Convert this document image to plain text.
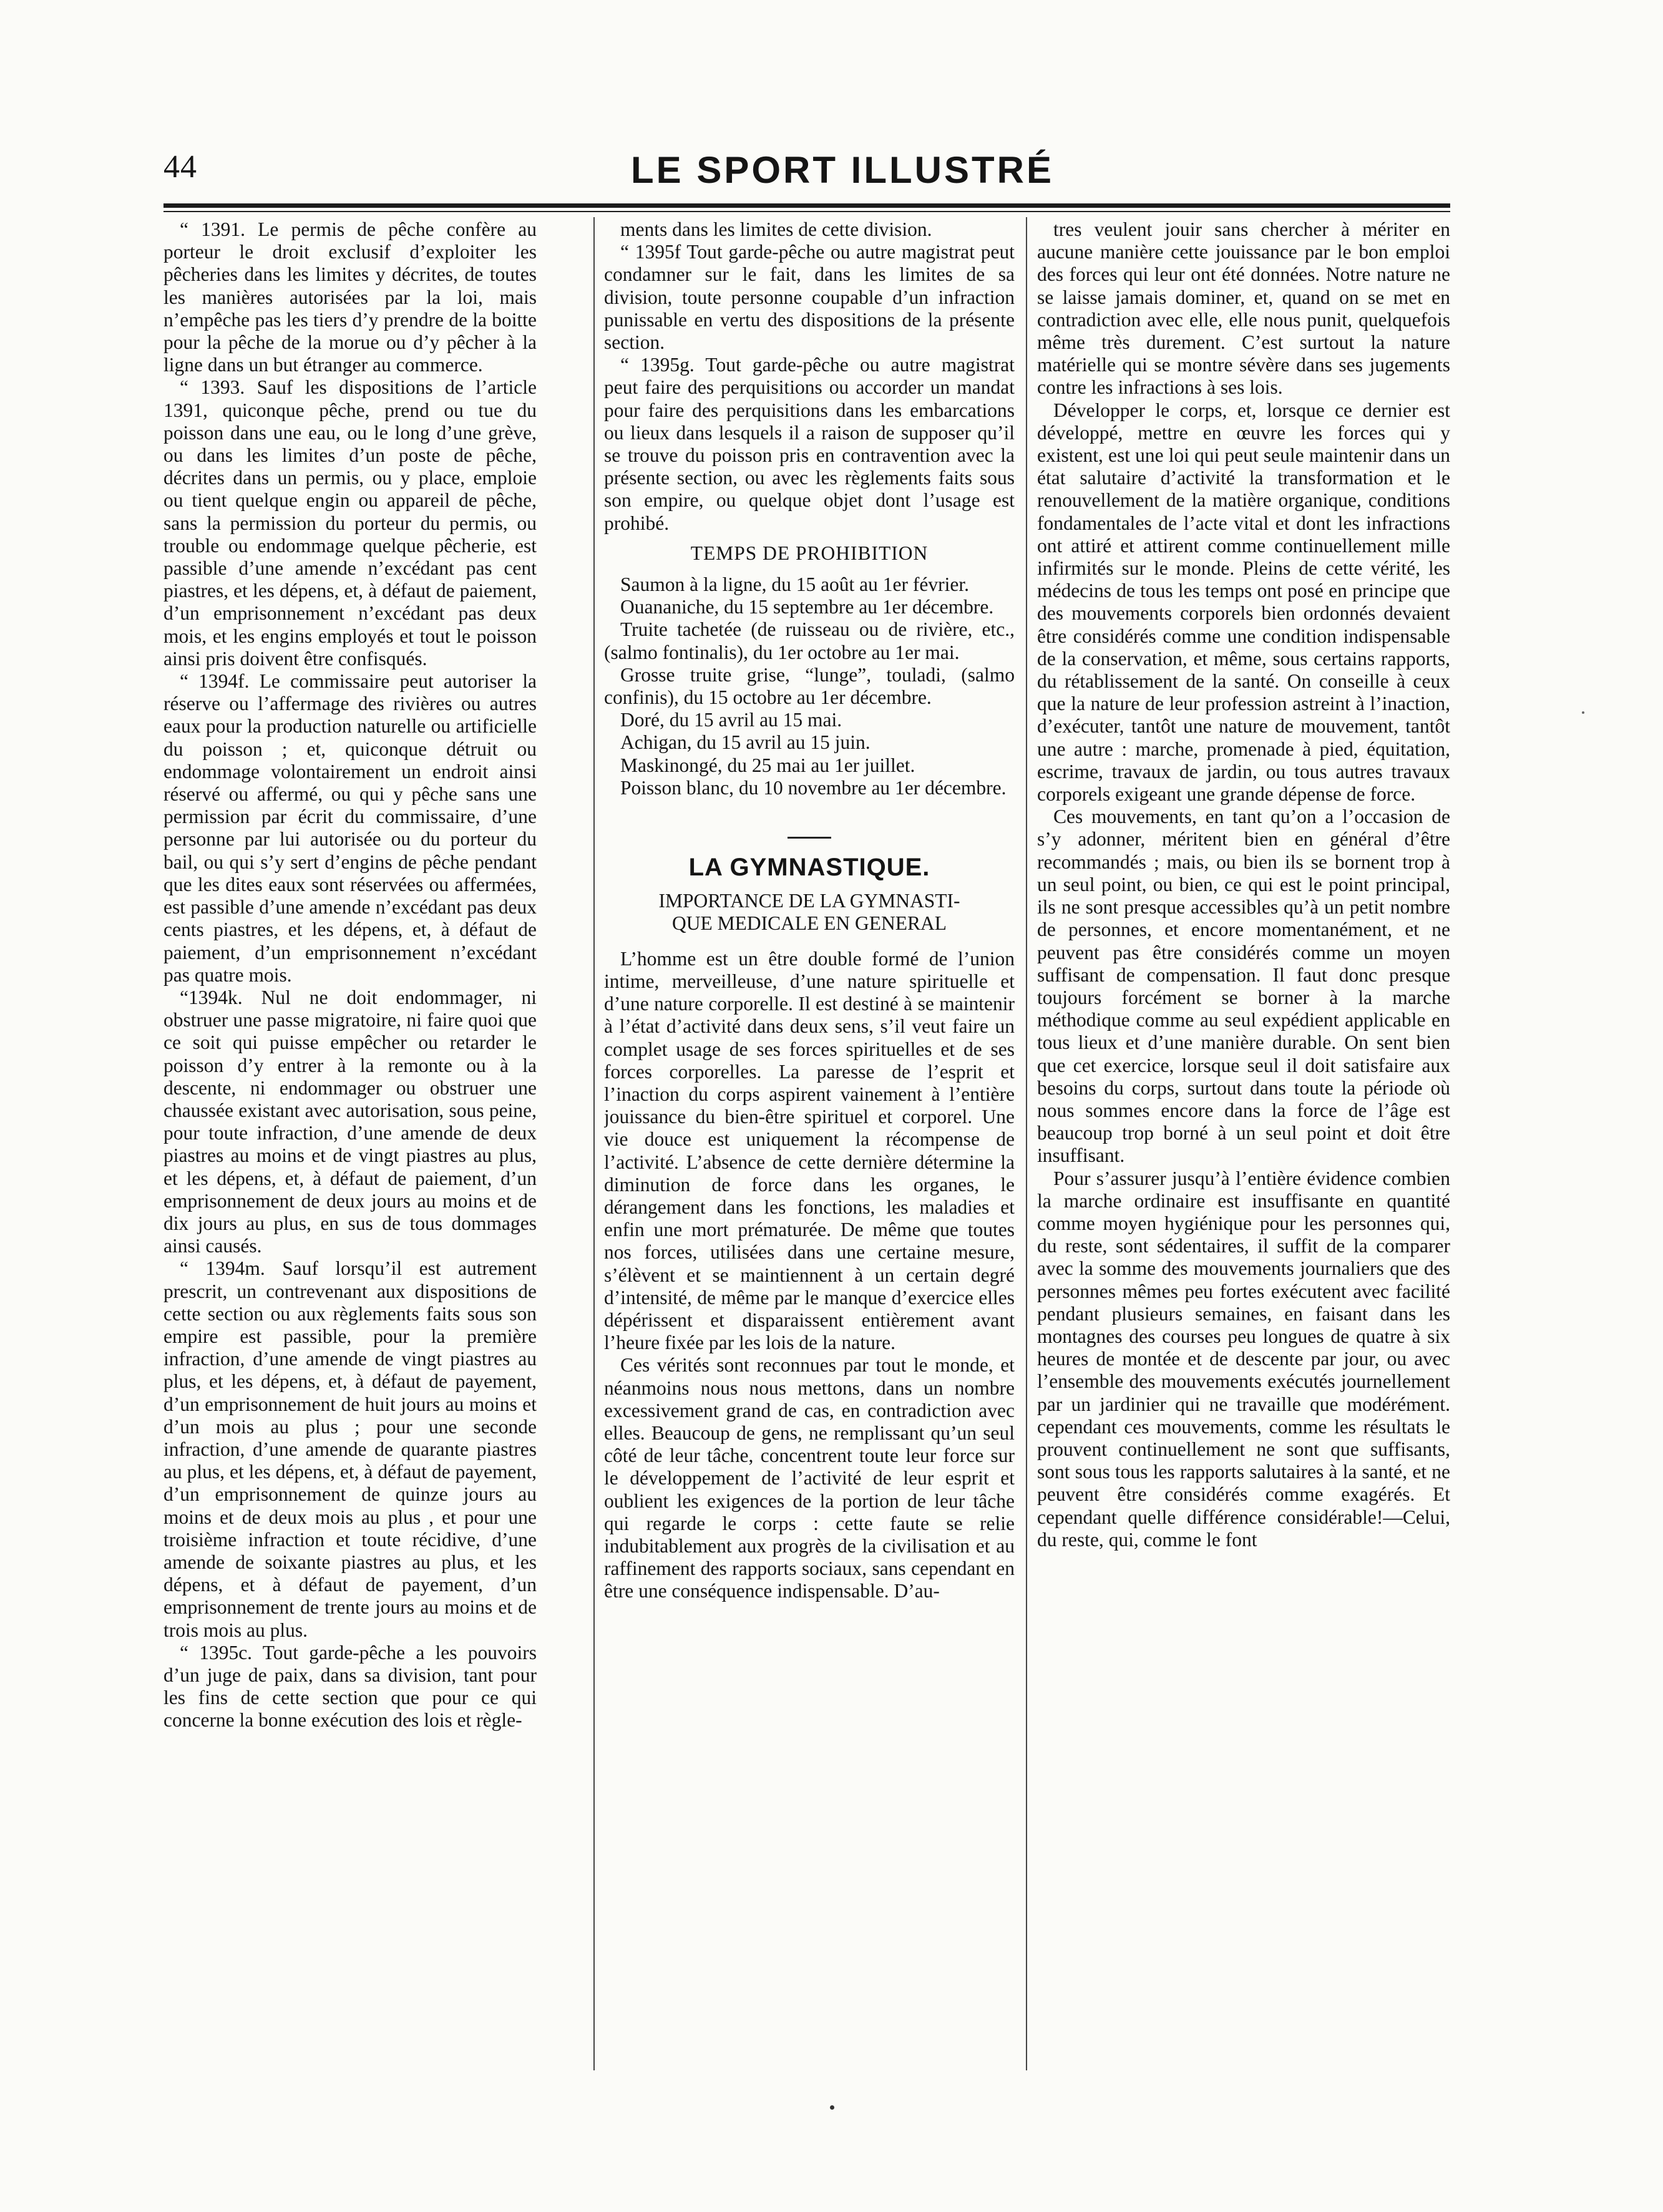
44	LE SPORT ILLUSTRÉ

“ 1391. Le permis de pêche confère au porteur le droit exclusif d’exploiter les pêcheries dans les limites y décrites, de toutes les manières autorisées par la loi, mais n’empêche pas les tiers d’y prendre de la boitte pour la pêche de la morue ou d’y pêcher à la ligne dans un but étranger au commerce.

“ 1393. Sauf les dispositions de l’article 1391, quiconque pêche, prend ou tue du poisson dans une eau, ou le long d’une grève, ou dans les limites d’un poste de pêche, décrites dans un permis, ou y place, emploie ou tient quelque engin ou appareil de pêche, sans la permission du porteur du permis, ou trouble ou endommage quelque pêcherie, est passible d’une amende n’excédant pas cent piastres, et les dépens, et, à défaut de paiement, d’un emprisonnement n’excédant pas deux mois, et les engins employés et tout le poisson ainsi pris doivent être confisqués.

“ 1394f. Le commissaire peut autoriser la réserve ou l’affermage des rivières ou autres eaux pour la production naturelle ou artificielle du poisson ; et, quiconque détruit ou endommage volontairement un endroit ainsi réservé ou affermé, ou qui y pêche sans une permission par écrit du commissaire, d’une personne par lui autorisée ou du porteur du bail, ou qui s’y sert d’engins de pêche pendant que les dites eaux sont réservées ou affermées, est passible d’une amende n’excédant pas deux cents piastres, et les dépens, et, à défaut de paiement, d’un emprisonnement n’excédant pas quatre mois.

“1394k. Nul ne doit endommager, ni obstruer une passe migratoire, ni faire quoi que ce soit qui puisse empêcher ou retarder le poisson d’y entrer à la remonte ou à la descente, ni endommager ou obstruer une chaussée existant avec autorisation, sous peine, pour toute infraction, d’une amende de deux piastres au moins et de vingt piastres au plus, et les dépens, et, à défaut de paiement, d’un emprisonnement de deux jours au moins et de dix jours au plus, en sus de tous dommages ainsi causés.

“ 1394m. Sauf lorsqu’il est autrement prescrit, un contrevenant aux dispositions de cette section ou aux règlements faits sous son empire est passible, pour la première infraction, d’une amende de vingt piastres au plus, et les dépens, et, à défaut de payement, d’un emprisonnement de huit jours au moins et d’un mois au plus ; pour une seconde infraction, d’une amende de quarante piastres au plus, et les dépens, et, à défaut de payement, d’un emprisonnement de quinze jours au moins et de deux mois au plus , et pour une troisième infraction et toute récidive, d’une amende de soixante piastres au plus, et les dépens, et à défaut de payement, d’un emprisonnement de trente jours au moins et de trois mois au plus.

“ 1395c. Tout garde-pêche a les pouvoirs d’un juge de paix, dans sa division, tant pour les fins de cette section que pour ce qui concerne la bonne exécution des lois et règle-

ments dans les limites de cette division.

“ 1395f Tout garde-pêche ou autre magistrat peut condamner sur le fait, dans les limites de sa division, toute personne coupable d’un infraction punissable en vertu des dispositions de la présente section.

“ 1395g. Tout garde-pêche ou autre magistrat peut faire des perquisitions ou accorder un mandat pour faire des perquisitions dans les embarcations ou lieux dans lesquels il a raison de supposer qu’il se trouve du poisson pris en contravention avec la présente section, ou avec les règlements faits sous son empire, ou quelque objet dont l’usage est prohibé.

TEMPS DE PROHIBITION

Saumon à la ligne, du 15 août au 1er février.

Ouananiche, du 15 septembre au 1er décembre.

Truite tachetée (de ruisseau ou de rivière, etc., (salmo fontinalis), du 1er octobre au 1er mai.

Grosse truite grise, “lunge”, touladi, (salmo confinis), du 15 octobre au 1er décembre.

Doré, du 15 avril au 15 mai.

Achigan, du 15 avril au 15 juin.

Maskinongé, du 25 mai au 1er juillet.

Poisson blanc, du 10 novembre au 1er décembre.

LA GYMNASTIQUE.
IMPORTANCE DE LA GYMNASTI-
QUE MEDICALE EN GENERAL

L’homme est un être double formé de l’union intime, merveilleuse, d’une nature spirituelle et d’une nature corporelle. Il est destiné à se maintenir à l’état d’activité dans deux sens, s’il veut faire un complet usage de ses forces spirituelles et de ses forces corporelles. La paresse de l’esprit et l’inaction du corps aspirent vainement à l’entière jouissance du bien-être spirituel et corporel. Une vie douce est uniquement la récompense de l’activité. L’absence de cette dernière détermine la diminution de force dans les organes, le dérangement dans les fonctions, les maladies et enfin une mort prématurée. De même que toutes nos forces, utilisées dans une certaine mesure, s’élèvent et se maintiennent à un certain degré d’intensité, de même par le manque d’exercice elles dépérissent et disparaissent entièrement avant l’heure fixée par les lois de la nature.

Ces vérités sont reconnues par tout le monde, et néanmoins nous nous mettons, dans un nombre excessivement grand de cas, en contradiction avec elles. Beaucoup de gens, ne remplissant qu’un seul côté de leur tâche, concentrent toute leur force sur le développement de l’activité de leur esprit et oublient les exigences de la portion de leur tâche qui regarde le corps : cette faute se relie indubitablement aux progrès de la civilisation et au raffinement des rapports sociaux, sans cependant en être une conséquence indispensable. D’au-

tres veulent jouir sans chercher à mériter en aucune manière cette jouissance par le bon emploi des forces qui leur ont été données. Notre nature ne se laisse jamais dominer, et, quand on se met en contradiction avec elle, elle nous punit, quelquefois même très durement. C’est surtout la nature matérielle qui se montre sévère dans ses jugements contre les infractions à ses lois.

Développer le corps, et, lorsque ce dernier est développé, mettre en œuvre les forces qui y existent, est une loi qui peut seule maintenir dans un état salutaire d’activité la transformation et le renouvellement de la matière organique, conditions fondamentales de l’acte vital et dont les infractions ont attiré et attirent comme continuellement mille infirmités sur le monde. Pleins de cette vérité, les médecins de tous les temps ont posé en principe que des mouvements corporels bien ordonnés devaient être considérés comme une condition indispensable de la conservation, et même, sous certains rapports, du rétablissement de la santé. On conseille à ceux que la nature de leur profession astreint à l’inaction, d’exécuter, tantôt une nature de mouvement, tantôt une autre : marche, promenade à pied, équitation, escrime, travaux de jardin, ou tous autres travaux corporels exigeant une grande dépense de force.

Ces mouvements, en tant qu’on a l’occasion de s’y adonner, méritent bien en général d’être recommandés ; mais, ou bien ils se bornent trop à un seul point, ou bien, ce qui est le point principal, ils ne sont presque accessibles qu’à un petit nombre de personnes, et encore momentanément, et ne peuvent pas être considérés comme un moyen suffisant de compensation. Il faut donc presque toujours forcément se borner à la marche méthodique comme au seul expédient applicable en tous lieux et d’une manière durable. On sent bien que cet exercice, lorsque seul il doit satisfaire aux besoins du corps, surtout dans toute la période où nous sommes encore dans la force de l’âge est beaucoup trop borné à un seul point et doit être insuffisant.

Pour s’assurer jusqu’à l’entière évidence combien la marche ordinaire est insuffisante en quantité comme moyen hygiénique pour les personnes qui, du reste, sont sédentaires, il suffit de la comparer avec la somme des mouvements journaliers que des personnes mêmes peu fortes exécutent avec facilité pendant plusieurs semaines, en faisant dans les montagnes des courses peu longues de quatre à six heures de montée et de descente par jour, ou avec l’ensemble des mouvements exécutés journellement par un jardinier qui ne travaille que modérément. cependant ces mouvements, comme les résultats le prouvent continuellement ne sont que suffisants, sont sous tous les rapports salutaires à la santé, et ne peuvent être considérés comme exagérés. Et cependant quelle différence considérable!—Celui, du reste, qui, comme le font
